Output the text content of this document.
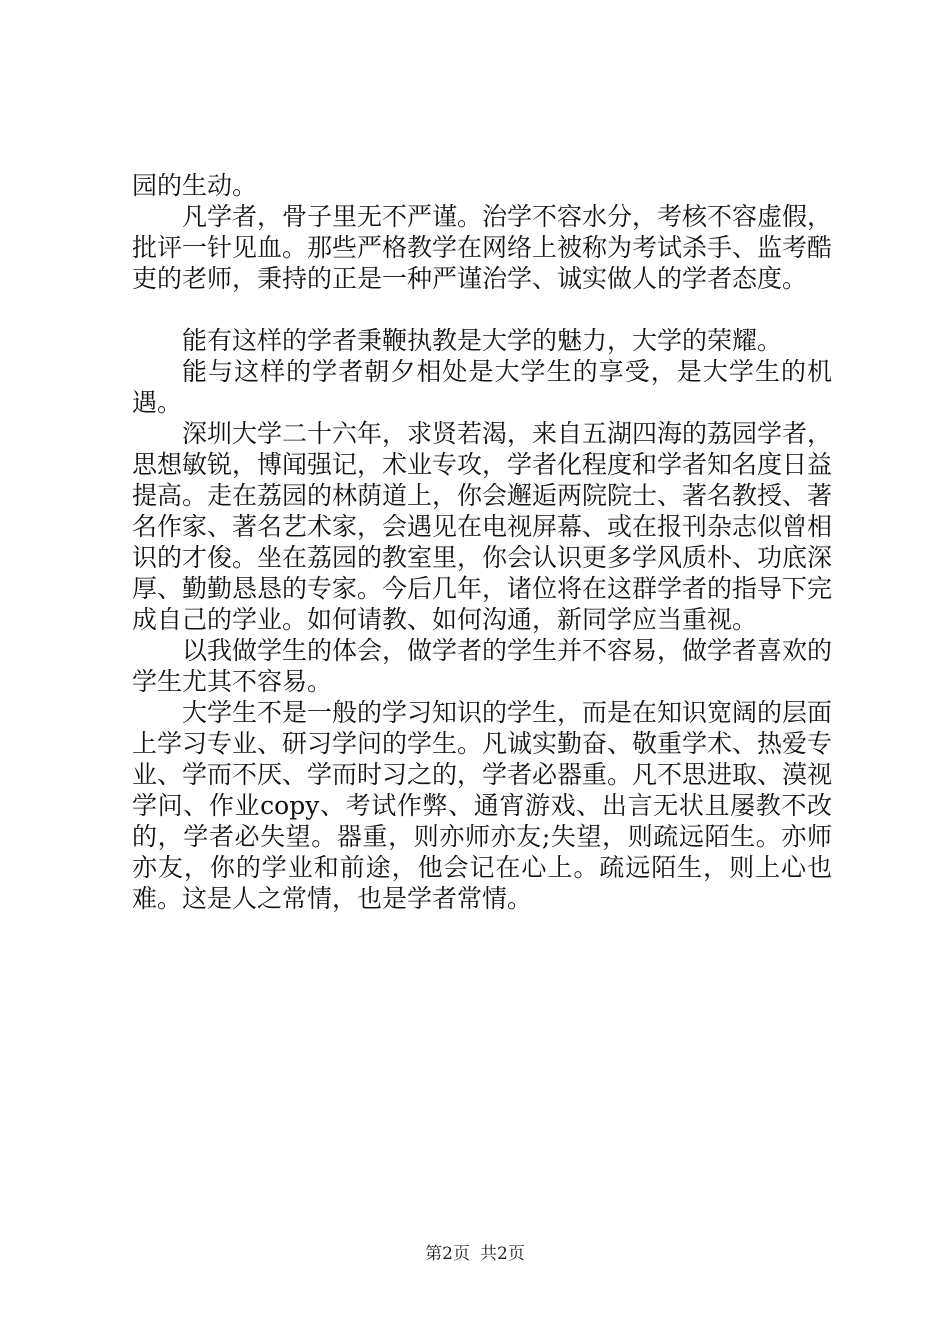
园的生动。

凡学者，骨子里无不严谨。治学不容水分，考核不容虚假，批评一针见血。那些严格教学在网络上被称为考试杀手、监考酷吏的老师，秉持的正是一种严谨治学、诚实做人的学者态度。

能有这样的学者秉鞭执教是大学的魅力，大学的荣耀。

能与这样的学者朝夕相处是大学生的享受，是大学生的机遇。

深圳大学二十六年，求贤若渴，来自五湖四海的荔园学者，思想敏锐，博闻强记，术业专攻，学者化程度和学者知名度日益提高。走在荔园的林荫道上，你会邂逅两院院士、著名教授、著名作家、著名艺术家，会遇见在电视屏幕、或在报刊杂志似曾相识的才俊。坐在荔园的教室里，你会认识更多学风质朴、功底深厚、勤勤恳恳的专家。今后几年，诸位将在这群学者的指导下完成自己的学业。如何请教、如何沟通，新同学应当重视。

以我做学生的体会，做学者的学生并不容易，做学者喜欢的学生尤其不容易。

大学生不是一般的学习知识的学生，而是在知识宽阔的层面上学习专业、研习学问的学生。凡诚实勤奋、敬重学术、热爱专业、学而不厌、学而时习之的，学者必器重。凡不思进取、漠视学问、作业copy、考试作弊、通宵游戏、出言无状且屡教不改的，学者必失望。器重，则亦师亦友;失望，则疏远陌生。亦师亦友，你的学业和前途，他会记在心上。疏远陌生，则上心也难。这是人之常情，也是学者常情。

第2页 共2页
